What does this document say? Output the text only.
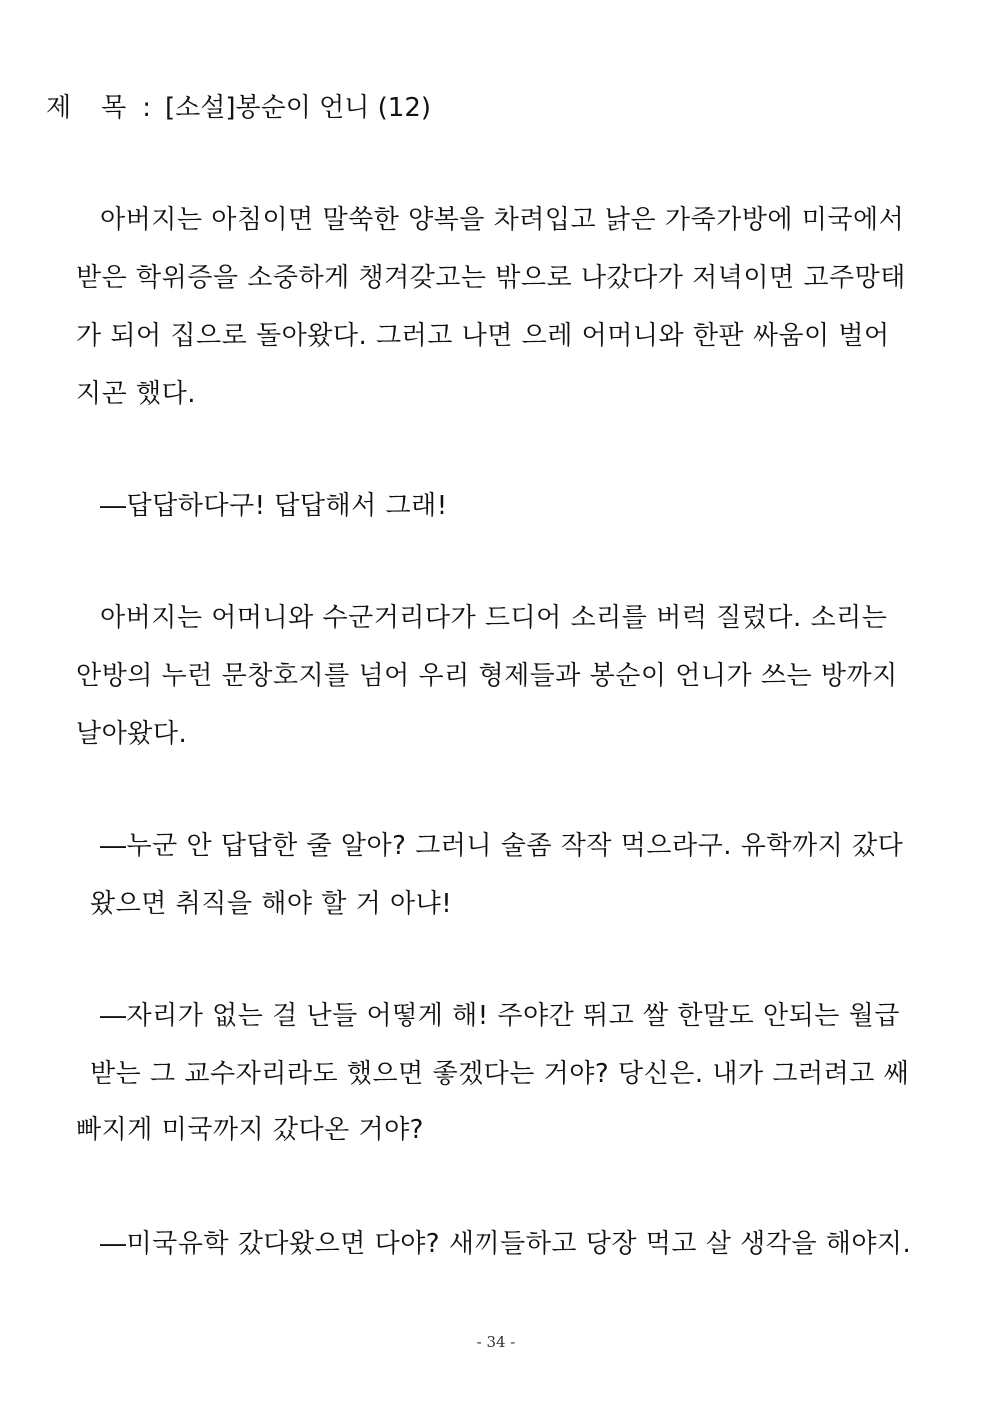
제 목 : [소설]봉순이 언니 (12)
아버지는 아침이면 말쑥한 양복을 차려입고 낡은 가죽가방에 미국에서
받은 학위증을 소중하게 챙겨갖고는 밖으로 나갔다가 저녁이면 고주망태
가 되어 집으로 돌아왔다. 그러고 나면 으레 어머니와 한판 싸움이 벌어
지곤 했다.
―답답하다구! 답답해서 그래!
아버지는 어머니와 수군거리다가 드디어 소리를 버럭 질렀다. 소리는
안방의 누런 문창호지를 넘어 우리 형제들과 봉순이 언니가 쓰는 방까지
날아왔다.
―누군 안 답답한 줄 알아? 그러니 술좀 작작 먹으라구. 유학까지 갔다
왔으면 취직을 해야 할 거 아냐!
―자리가 없는 걸 난들 어떻게 해! 주야간 뛰고 쌀 한말도 안되는 월급
받는 그 교수자리라도 했으면 좋겠다는 거야? 당신은. 내가 그러려고 쌔
빠지게 미국까지 갔다온 거야?
―미국유학 갔다왔으면 다야? 새끼들하고 당장 먹고 살 생각을 해야지.
- 34 -
